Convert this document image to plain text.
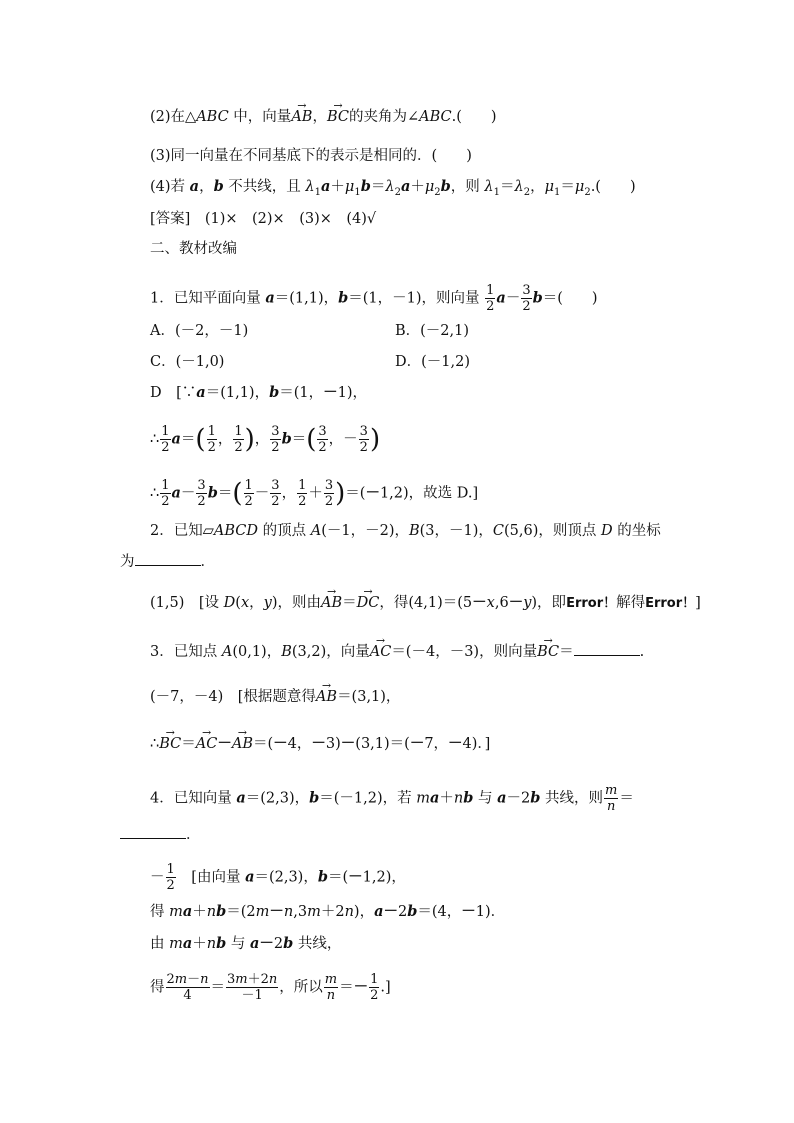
(2)在△ABC 中，向量→ AB，→ BC的夹角为∠ABC.(　　)
(3)同一向量在不同基底下的表示是相同的．(　　)
(4)若 a，b 不共线，且 $\lambda_1a+\mu_1b=\lambda_2a+\mu_2b$，则 $\lambda_1=\lambda_2$，$\mu_1=\mu_2$.(　　)
[答案]　(1)×　(2)×　(3)×　(4)√
二、教材改编
1．已知平面向量 a＝(1,1)，b＝(1，－1)，则向量 $\frac{1}{2} a- \frac{3}{2} b=$(　　)
A．(－2，－1)	B．(－2,1)
C．(－1,0)	D．(－1,2)
D　[∵a＝(1,1)，b＝(1，－1)，
∴ $\frac{1}{2} a=( \frac{1}{2}$ ， $\frac{1}{2}$ )， $\frac{3}{2} b=( \frac{3}{2}$ ，－ $\frac{3}{2}$ )
∴ $\frac{1}{2} a- \frac{3}{2} b=( \frac{1}{2} - \frac{3}{2}$ ， $\frac{1}{2} + \frac{3}{2} )=(-1,2)$，故选 D.]
2．已知▱ABCD 的顶点 A(－1，－2)，B(3，－1)，C(5,6)，则顶点 D 的坐标
为	．
(1,5)　[设 D(x，y)，则由→ AB＝→ DC，得(4,1)＝(5－x,6－y)，即Error！解得Error！]
3．已知点 A(0,1)，B(3,2)，向量→ AC＝(－4，－3)，则向量→ BC＝	.
(－7，－4)　[根据题意得→ AB＝(3,1)，
∴→ BC＝→ AC－→ AB＝(－4，－3)－(3,1)＝(－7，－4)．]
4．已知向量 a＝(2,3)，b＝(－1,2)，若 ma＋nb 与 a－2b 共线，则 $\frac{m}{n}$ ＝
．
－ $\frac{1}{2}$ 　[由向量 a＝(2,3)，b＝(－1,2)，
得 ma＋nb＝(2m－n,3m＋2n)，a－2b＝(4，－1)．
由 ma＋nb 与 a－2b 共线，
得 $\frac{2m-n}{4} = \frac{3m+2n}{-1}$ ，所以 $\frac{m}{n} =- \frac{1}{2}$ .]
